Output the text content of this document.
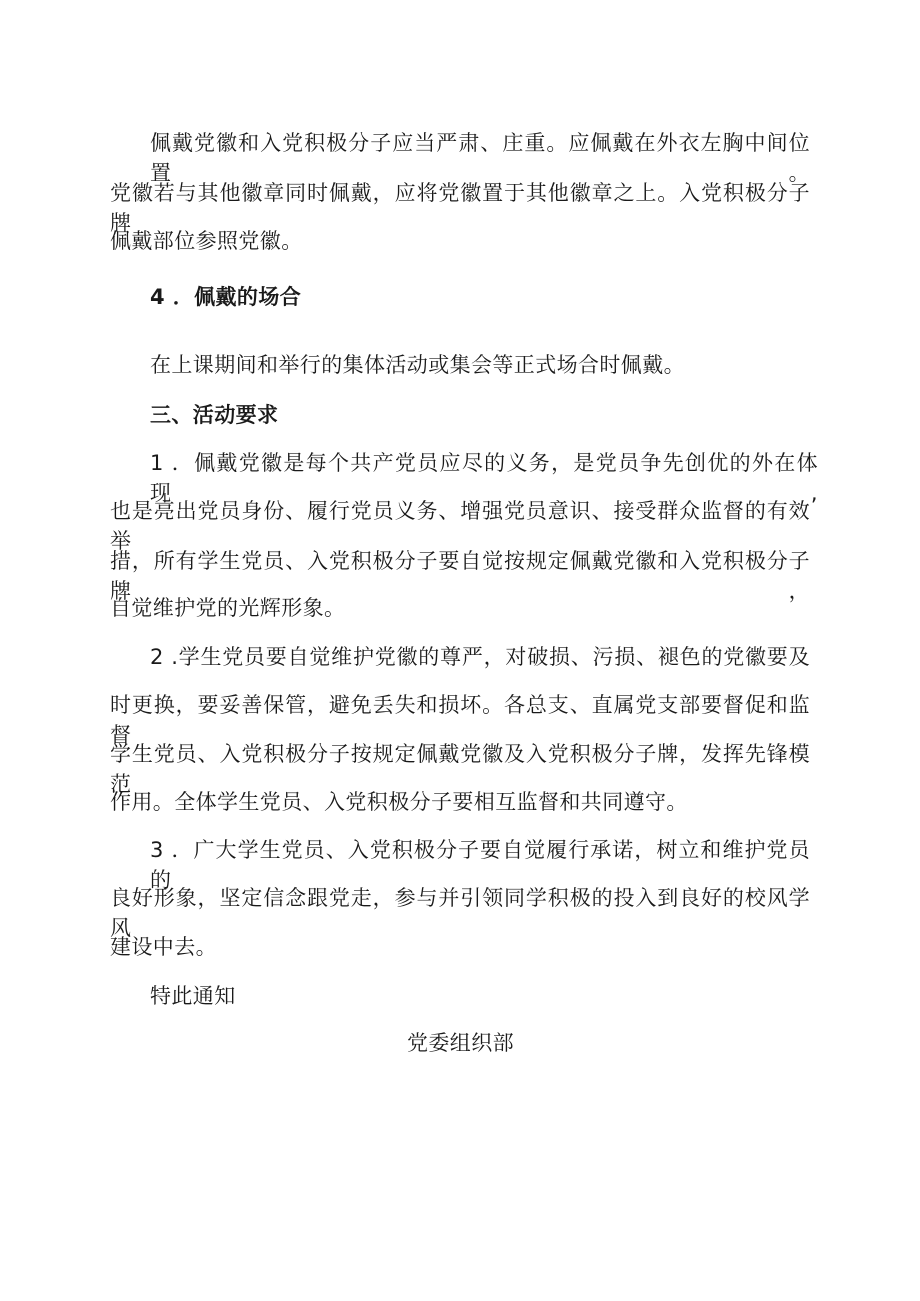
佩戴党徽和入党积极分子应当严肃、庄重。应佩戴在外衣左胸中间位置。
党徽若与其他徽章同时佩戴，应将党徽置于其他徽章之上。入党积极分子牌
佩戴部位参照党徽。
4 ．佩戴的场合
在上课期间和举行的集体活动或集会等正式场合时佩戴。
三、活动要求
1 ．佩戴党徽是每个共产党员应尽的义务，是党员争先创优的外在体现,
也是亮出党员身份、履行党员义务、增强党员意识、接受群众监督的有效举
措，所有学生党员、入党积极分子要自觉按规定佩戴党徽和入党积极分子牌，
自觉维护党的光辉形象。
2 .学生党员要自觉维护党徽的尊严，对破损、污损、褪色的党徽要及
时更换，要妥善保管，避免丢失和损坏。各总支、直属党支部要督促和监督
学生党员、入党积极分子按规定佩戴党徽及入党积极分子牌，发挥先锋模范
作用。全体学生党员、入党积极分子要相互监督和共同遵守。
3 ．广大学生党员、入党积极分子要自觉履行承诺，树立和维护党员的
良好形象，坚定信念跟党走，参与并引领同学积极的投入到良好的校风学风
建设中去。
特此通知
党委组织部
